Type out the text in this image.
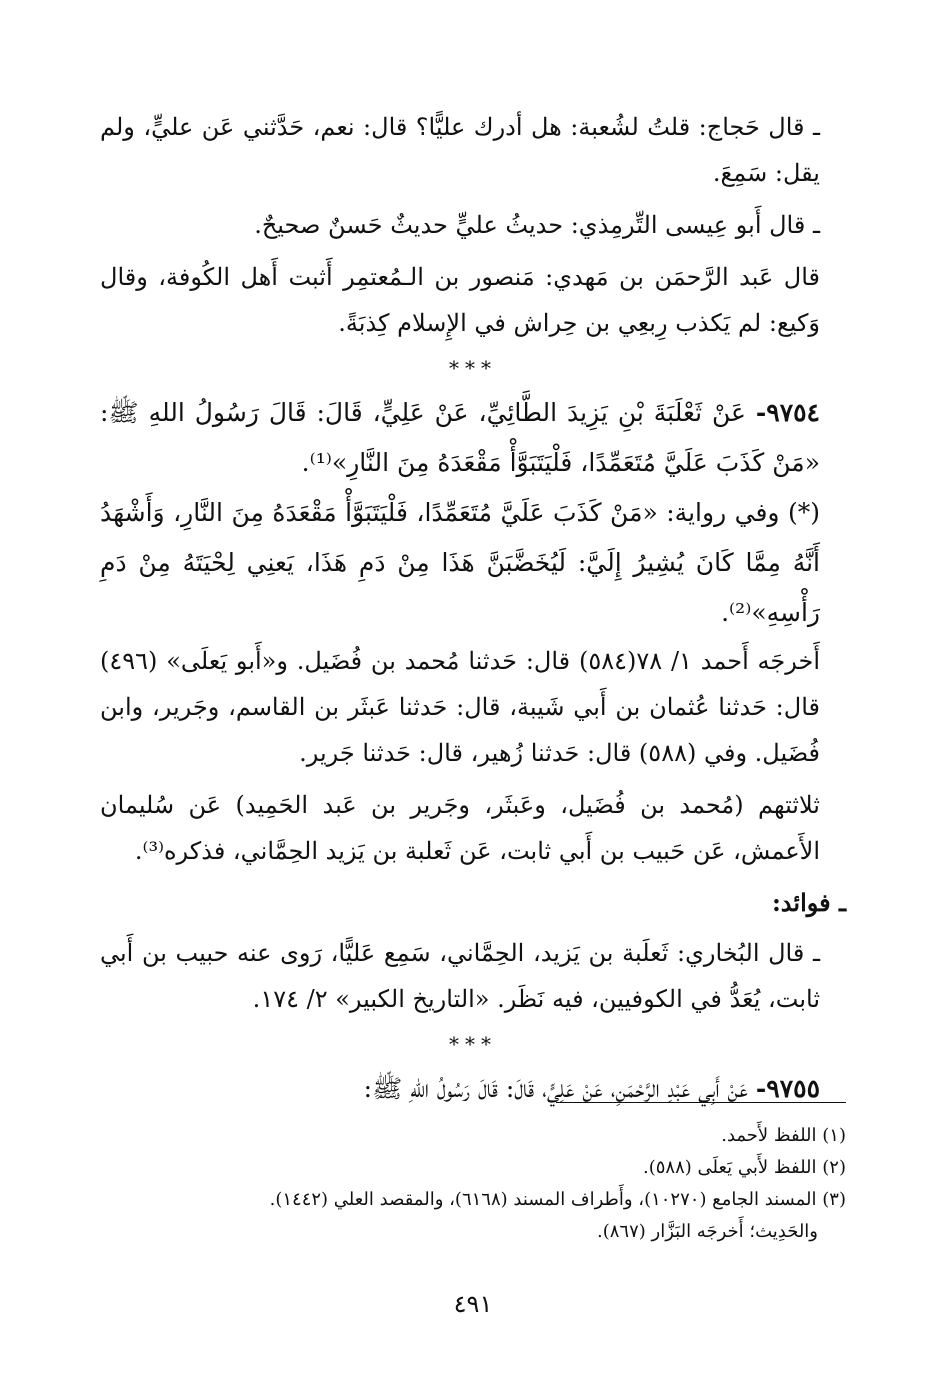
ـ قال حَجاج: قلتُ لشُعبة: هل أدرك عليًّا؟ قال: نعم، حَدَّثني عَن عليٍّ، ولم يقل: سَمِعَ.

ـ قال أَبو عِيسى التِّرمِذي: حديثُ عليٍّ حديثٌ حَسنٌ صحيحٌ.

قال عَبد الرَّحمَن بن مَهدي: مَنصور بن الـمُعتمِر أَثبت أَهل الكُوفة، وقال وَكيع: لم يَكذب رِبعِي بن حِراش في الإِسلام كِذبَةً.

***

٩٧٥٤- عَنْ ثَعْلَبَةَ بْنِ يَزِيدَ الطَّائِيِّ، عَنْ عَلِيٍّ، قَالَ: قَالَ رَسُولُ اللهِ ﷺ: «مَنْ كَذَبَ عَلَيَّ مُتَعَمِّدًا، فَلْيَتَبَوَّأْ مَقْعَدَهُ مِنَ النَّارِ»⁽¹⁾.

(*) وفي رواية: «مَنْ كَذَبَ عَلَيَّ مُتَعَمِّدًا، فَلْيَتَبَوَّأْ مَقْعَدَهُ مِنَ النَّارِ، وَأَشْهَدُ أَنَّهُ مِمَّا كَانَ يُشِيرُ إِلَيَّ: لَيُخَضَّبَنَّ هَذَا مِنْ دَمِ هَذَا، يَعنِي لِحْيَتَهُ مِنْ دَمِ رَأْسِهِ»⁽²⁾.

أَخرجَه أَحمد ١/ ٧٨(٥٨٤) قال: حَدثنا مُحمد بن فُضَيل. و«أَبو يَعلَى» (٤٩٦) قال: حَدثنا عُثمان بن أَبي شَيبة، قال: حَدثنا عَبثَر بن القاسم، وجَرير، وابن فُضَيل. وفي (٥٨٨) قال: حَدثنا زُهير، قال: حَدثنا جَرير.

ثلاثتهم (مُحمد بن فُضَيل، وعَبثَر، وجَرير بن عَبد الحَمِيد) عَن سُليمان الأَعمش، عَن حَبيب بن أَبي ثابت، عَن ثَعلبة بن يَزيد الحِمَّاني، فذكره⁽³⁾.

ـ فوائد:

ـ قال البُخاري: ثَعلَبة بن يَزيد، الحِمَّاني، سَمِع عَليًّا، رَوى عنه حبيب بن أَبي ثابت، يُعَدُّ في الكوفيين، فيه نَظَر. «التاريخ الكبير» ٢/ ١٧٤.

***

٩٧٥٥- عَنْ أَبِي عَبْدِ الرَّحْمَنِ، عَنْ عَلِيٍّ، قَالَ: قَالَ رَسُولُ اللهِ ﷺ:

(١) اللفظ لأَحمد.

(٢) اللفظ لأَبي يَعلَى (٥٨٨).

(٣) المسند الجامع (١٠٢٧٠)، وأَطراف المسند (٦١٦٨)، والمقصد العلي (١٤٤٢).

والحَدِيث؛ أَخرجَه البَزَّار (٨٦٧).

٤٩١
